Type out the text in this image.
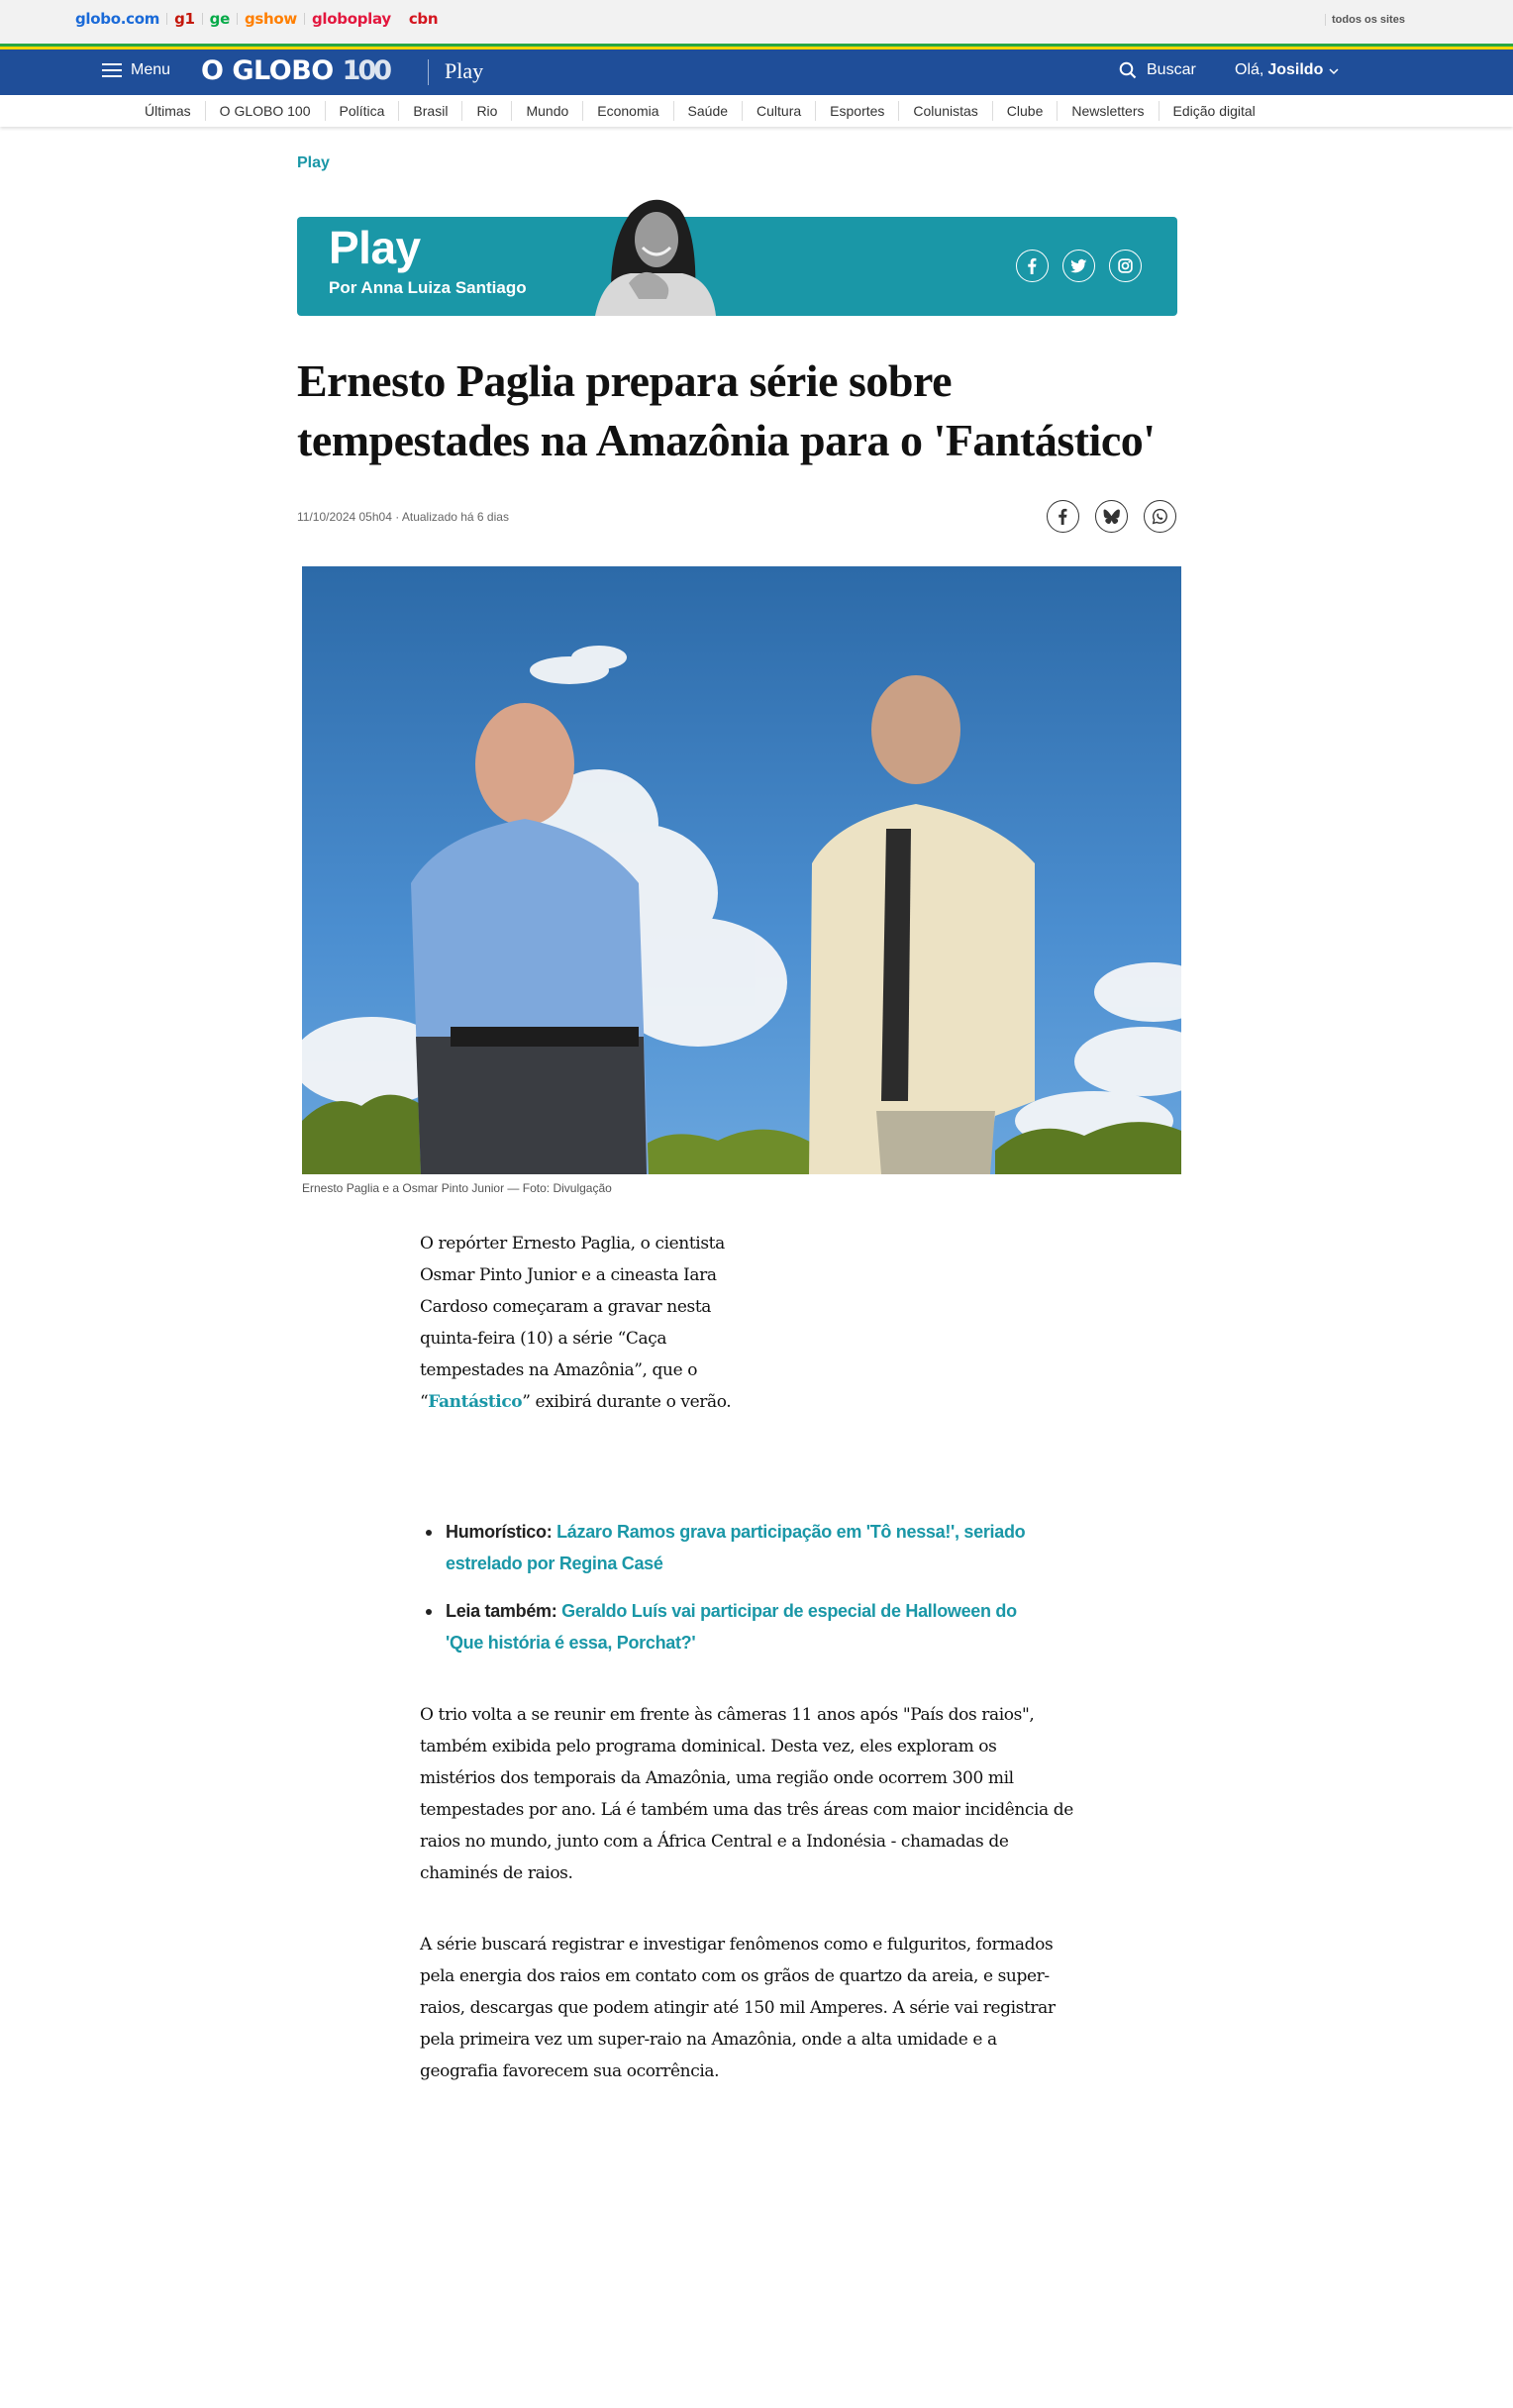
globo.com g1 ge gshow globoplay cbn	todos os sites
Menu O GLOBO 100	Play	Buscar Olá, Josildo
Últimas	O GLOBO 100	Política	Brasil	Rio	Mundo	Economia	Saúde	Cultura	Esportes	Colunistas	Clube	Newsletters	Edição digital
Play
Play
Por Anna Luiza Santiago
Ernesto Paglia prepara série sobre tempestades na Amazônia para o 'Fantástico'
11/10/2024 05h04 · Atualizado há 6 dias
Ernesto Paglia e a Osmar Pinto Junior — Foto: Divulgação

O repórter Ernesto Paglia, o cientista Osmar Pinto Junior e a cineasta Iara Cardoso começaram a gravar nesta quinta-feira (10) a série “Caça tempestades na Amazônia”, que o “Fantástico” exibirá durante o verão.

Humorístico: Lázaro Ramos grava participação em 'Tô nessa!', seriado estrelado por Regina Casé
Leia também: Geraldo Luís vai participar de especial de Halloween do 'Que história é essa, Porchat?'

O trio volta a se reunir em frente às câmeras 11 anos após "País dos raios", também exibida pelo programa dominical. Desta vez, eles exploram os mistérios dos temporais da Amazônia, uma região onde ocorrem 300 mil tempestades por ano. Lá é também uma das três áreas com maior incidência de raios no mundo, junto com a África Central e a Indonésia - chamadas de chaminés de raios.

A série buscará registrar e investigar fenômenos como e fulguritos, formados pela energia dos raios em contato com os grãos de quartzo da areia, e super-raios, descargas que podem atingir até 150 mil Amperes. A série vai registrar pela primeira vez um super-raio na Amazônia, onde a alta umidade e a geografia favorecem sua ocorrência.
